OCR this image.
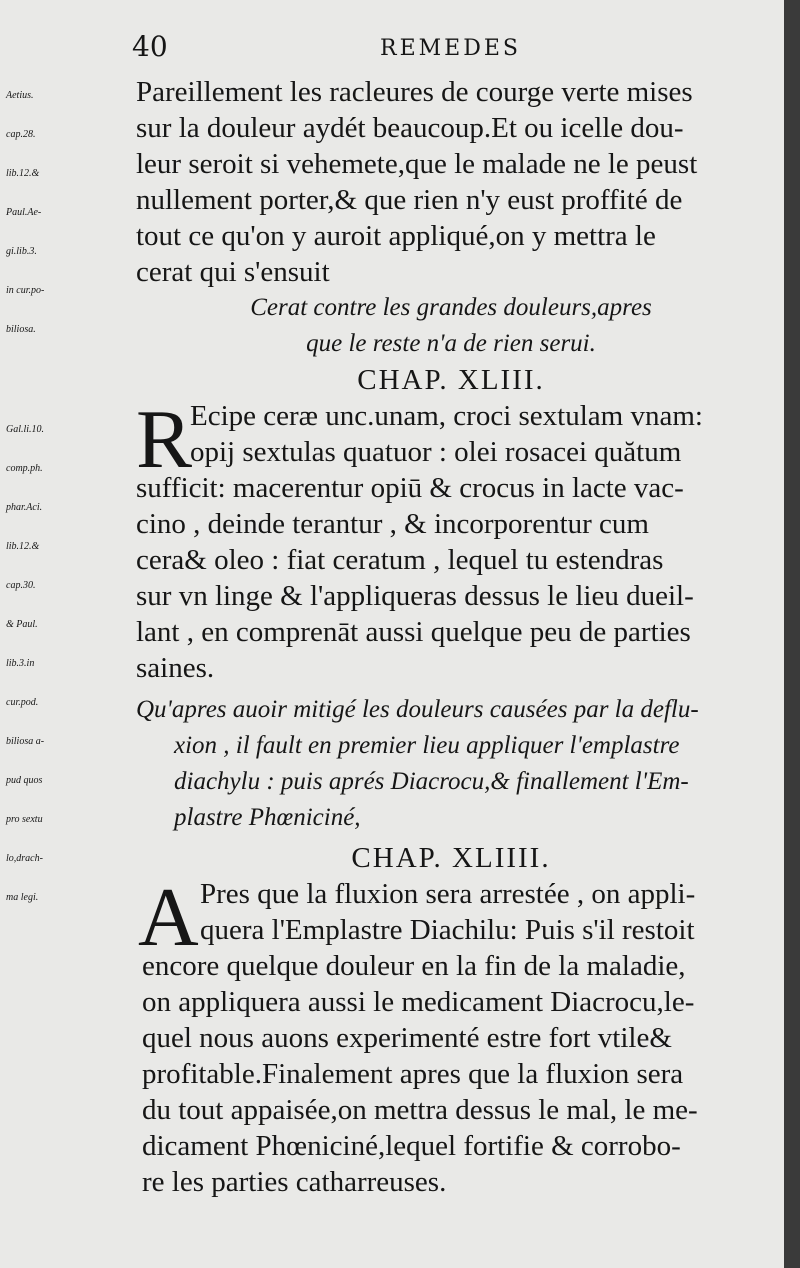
40	REMEDES
Aetius.
cap.28.
lib.12.&
Paul.Ae-
gi.lib.3.
in cur.po-
biliosa.
Gal.li.10.
comp.ph.
phar.Aci.
lib.12.&
cap.30.
& Paul.
lib.3.in
cur.pod.
biliosa a-
pud quos
pro sextu
lo,drach-
ma legi.
Pareillement les racleures de courge verte mises
sur la douleur aydét beaucoup.Et ou icelle dou-
leur seroit si vehemete,que le malade ne le peust
nullement porter,& que rien n'y eust proffité de
tout ce qu'on y auroit appliqué,on y mettra le
cerat qui s'ensuit
Cerat contre les grandes douleurs,apres
que le reste n'a de rien serui.
CHAP. XLIII.
R
Ecipe ceræ unc.unam, croci sextulam vnam:
opij sextulas quatuor : olei rosacei quătum
sufficit: macerentur opiū & crocus in lacte vac-
cino , deinde terantur , & incorporentur cum
cera& oleo : fiat ceratum , lequel tu estendras
sur vn linge & l'appliqueras dessus le lieu dueil-
lant , en comprenāt aussi quelque peu de parties
saines.
Qu'apres auoir mitigé les douleurs causées par la deflu-
xion , il fault en premier lieu appliquer l'emplastre
diachylu : puis aprés Diacrocu,& finallement l'Em-
plastre Phœniciné,
CHAP. XLIIII.
A Pres que la fluxion sera arrestée , on appli-
quera l'Emplastre Diachilu: Puis s'il restoit
encore quelque douleur en la fin de la maladie,
on appliquera aussi le medicament Diacrocu,le-
quel nous auons experimenté estre fort vtile&
profitable.Finalement apres que la fluxion sera
du tout appaisée,on mettra dessus le mal, le me-
dicament Phœniciné,lequel fortifie & corrobo-
re les parties catharreuses.
